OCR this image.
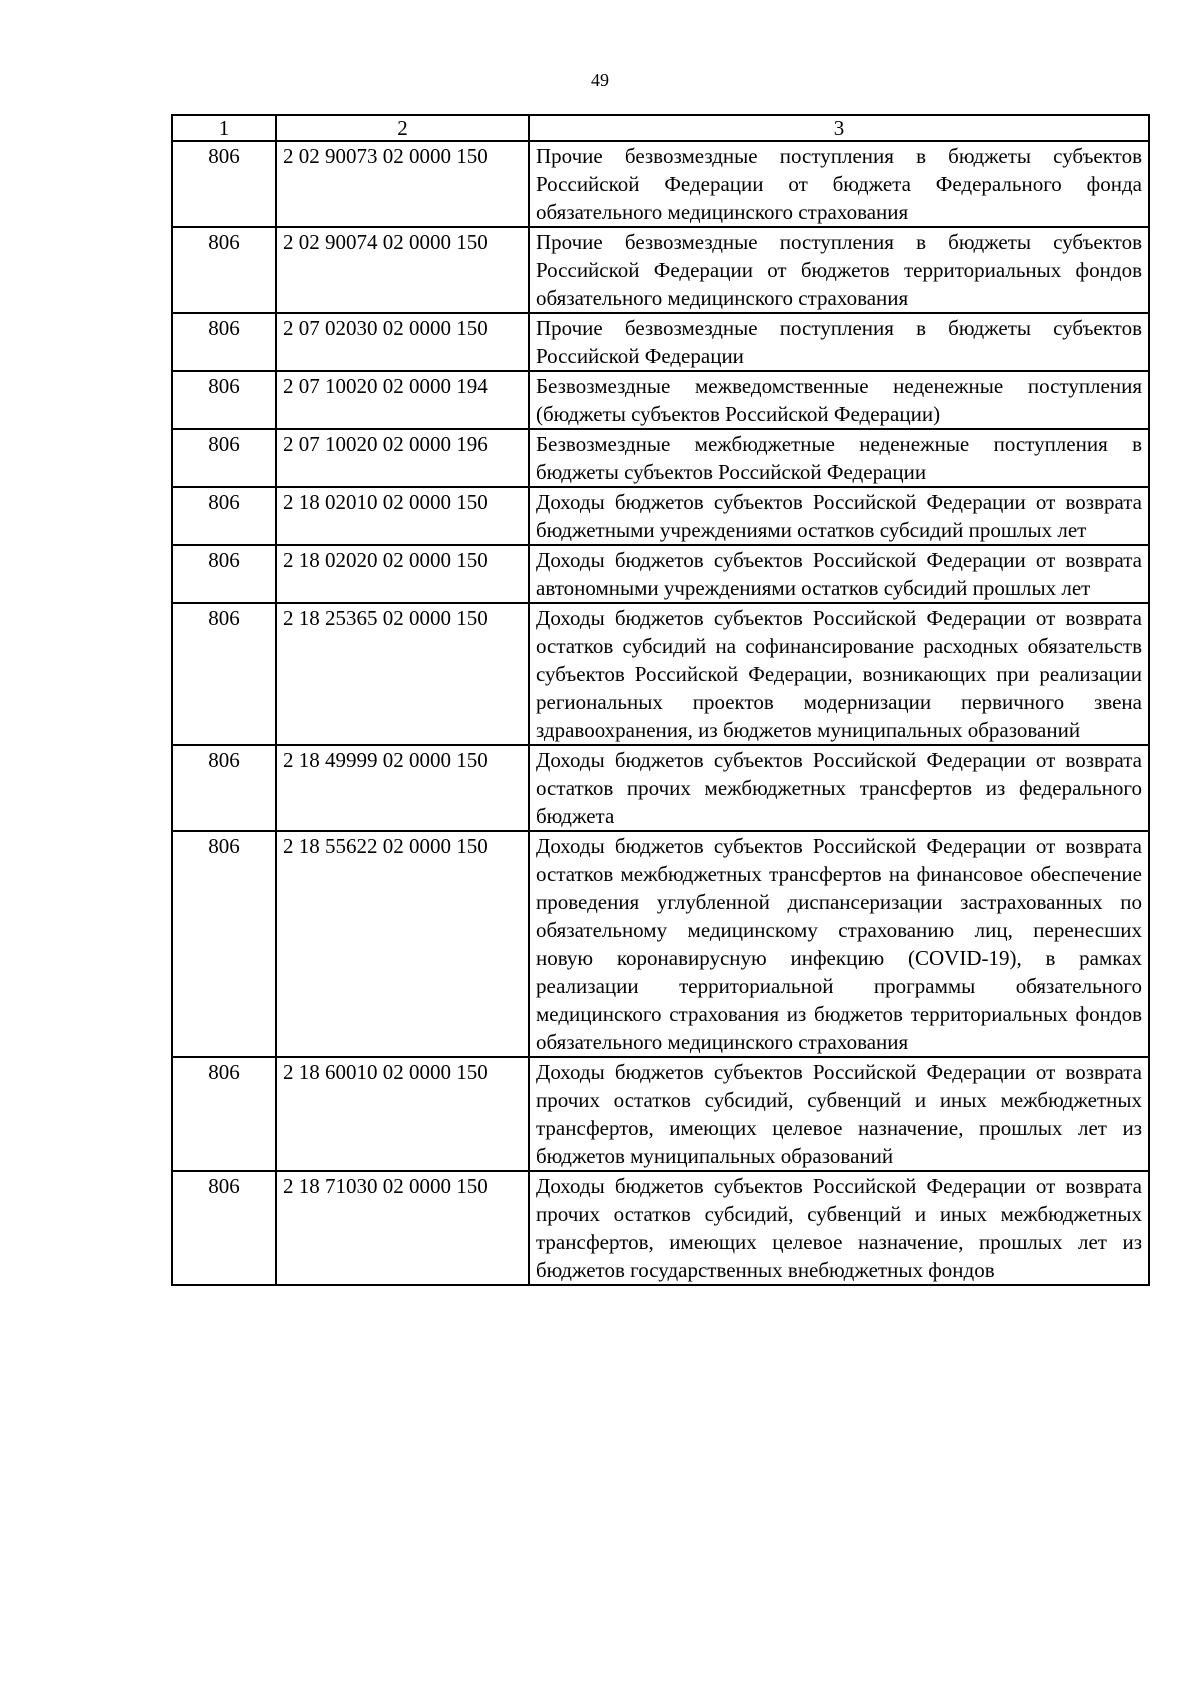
49
1	2	3
806	2 02 90073 02 0000 150	Прочие безвозмездные поступления в бюджеты субъектов Российской Федерации от бюджета Федерального фонда обязательного медицинского страхования
806	2 02 90074 02 0000 150	Прочие безвозмездные поступления в бюджеты субъектов Российской Федерации от бюджетов территориальных фондов обязательного медицинского страхования
806	2 07 02030 02 0000 150	Прочие безвозмездные поступления в бюджеты субъектов Российской Федерации
806	2 07 10020 02 0000 194	Безвозмездные межведомственные неденежные поступления (бюджеты субъектов Российской Федерации)
806	2 07 10020 02 0000 196	Безвозмездные межбюджетные неденежные поступления в бюджеты субъектов Российской Федерации
806	2 18 02010 02 0000 150	Доходы бюджетов субъектов Российской Федерации от возврата бюджетными учреждениями остатков субсидий прошлых лет
806	2 18 02020 02 0000 150	Доходы бюджетов субъектов Российской Федерации от возврата автономными учреждениями остатков субсидий прошлых лет
806	2 18 25365 02 0000 150	Доходы бюджетов субъектов Российской Федерации от возврата остатков субсидий на софинансирование расходных обязательств субъектов Российской Федерации, возникающих при реализации региональных проектов модернизации первичного звена здравоохранения, из бюджетов муниципальных образований
806	2 18 49999 02 0000 150	Доходы бюджетов субъектов Российской Федерации от возврата остатков прочих межбюджетных трансфертов из федерального бюджета
806	2 18 55622 02 0000 150	Доходы бюджетов субъектов Российской Федерации от возврата остатков межбюджетных трансфертов на финансовое обеспечение проведения углубленной диспансеризации застрахованных по обязательному медицинскому страхованию лиц, перенесших новую коронавирусную инфекцию (COVID-19), в рамках реализации территориальной программы обязательного медицинского страхования из бюджетов территориальных фондов обязательного медицинского страхования
806	2 18 60010 02 0000 150	Доходы бюджетов субъектов Российской Федерации от возврата прочих остатков субсидий, субвенций и иных межбюджетных трансфертов, имеющих целевое назначение, прошлых лет из бюджетов муниципальных образований
806	2 18 71030 02 0000 150	Доходы бюджетов субъектов Российской Федерации от возврата прочих остатков субсидий, субвенций и иных межбюджетных трансфертов, имеющих целевое назначение, прошлых лет из бюджетов государственных внебюджетных фондов
